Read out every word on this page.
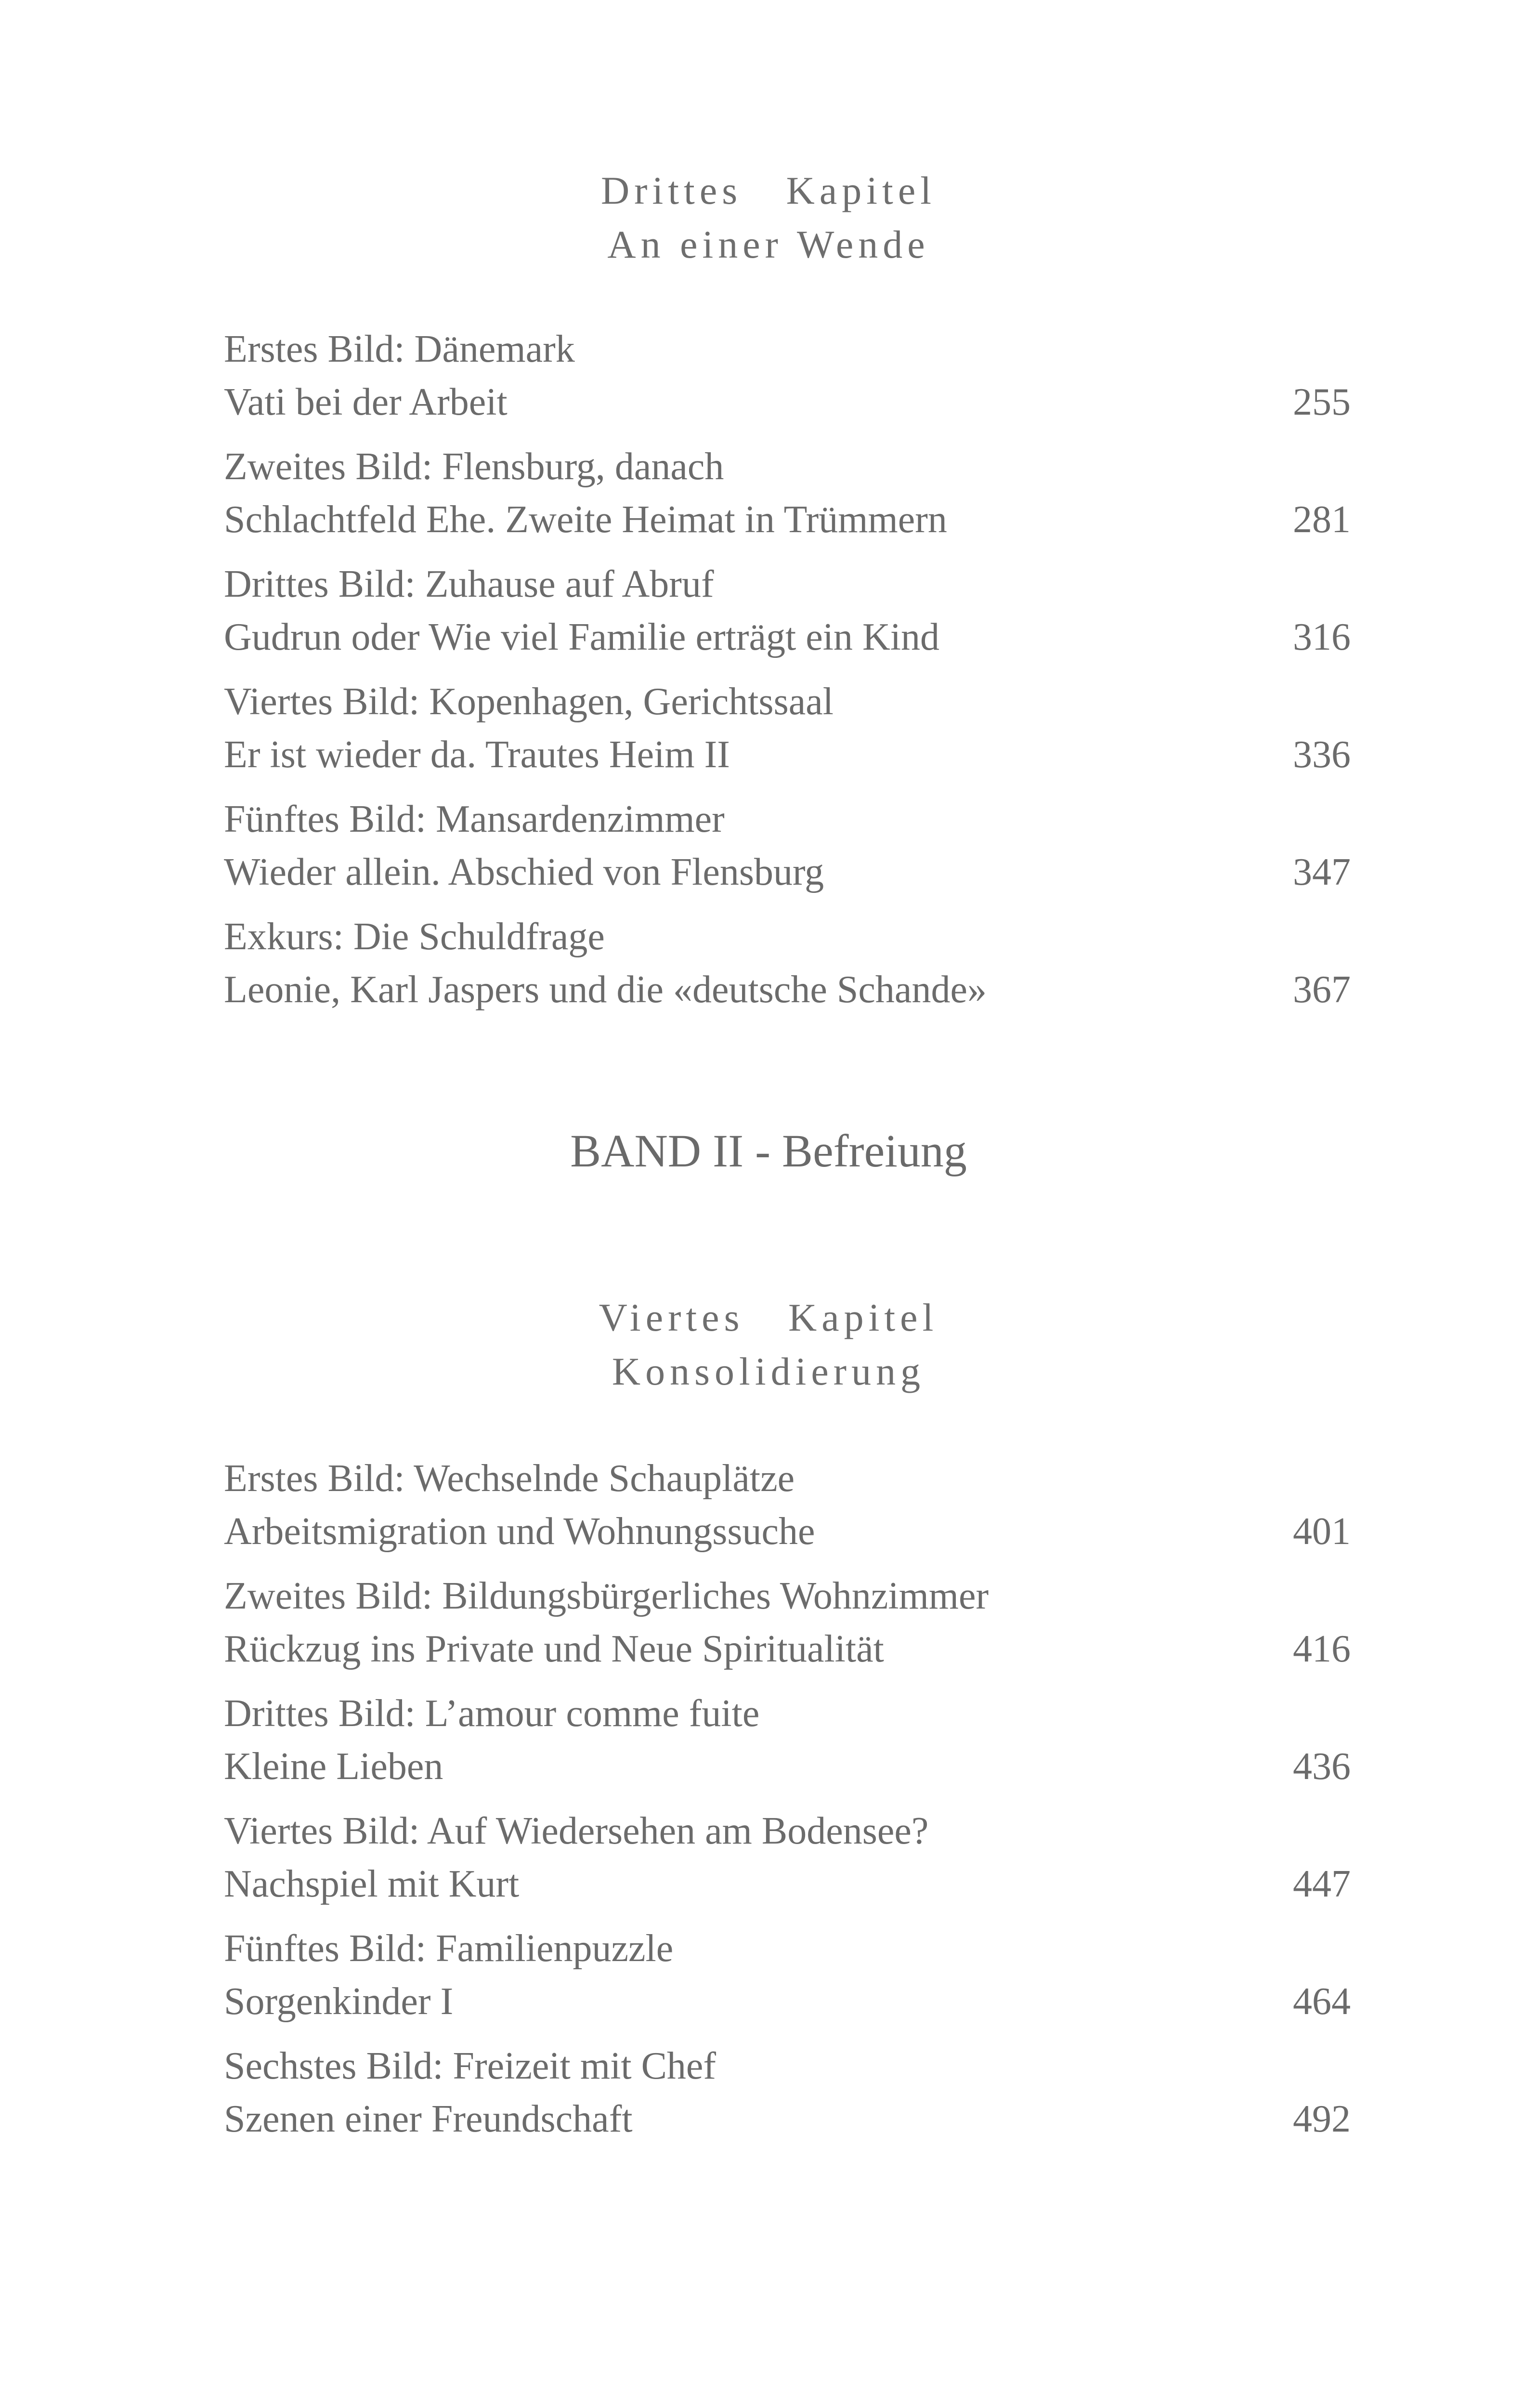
Drittes   Kapitel
An einer Wende
Erstes Bild: Dänemark
Vati bei der Arbeit	255
Zweites Bild: Flensburg, danach
Schlachtfeld Ehe. Zweite Heimat in Trümmern	281
Drittes Bild: Zuhause auf Abruf
Gudrun oder Wie viel Familie erträgt ein Kind	316
Viertes Bild: Kopenhagen, Gerichtssaal
Er ist wieder da. Trautes Heim II	336
Fünftes Bild: Mansardenzimmer
Wieder allein. Abschied von Flensburg	347
Exkurs: Die Schuldfrage
Leonie, Karl Jaspers und die «deutsche Schande»	367
BAND II - Befreiung
Viertes   Kapitel
Konsolidierung
Erstes Bild: Wechselnde Schauplätze
Arbeitsmigration und Wohnungssuche	401
Zweites Bild: Bildungsbürgerliches Wohnzimmer
Rückzug ins Private und Neue Spiritualität	416
Drittes Bild: L’amour comme fuite
Kleine Lieben	436
Viertes Bild: Auf Wiedersehen am Bodensee?
Nachspiel mit Kurt	447
Fünftes Bild: Familienpuzzle
Sorgenkinder I	464
Sechstes Bild: Freizeit mit Chef
Szenen einer Freundschaft	492
